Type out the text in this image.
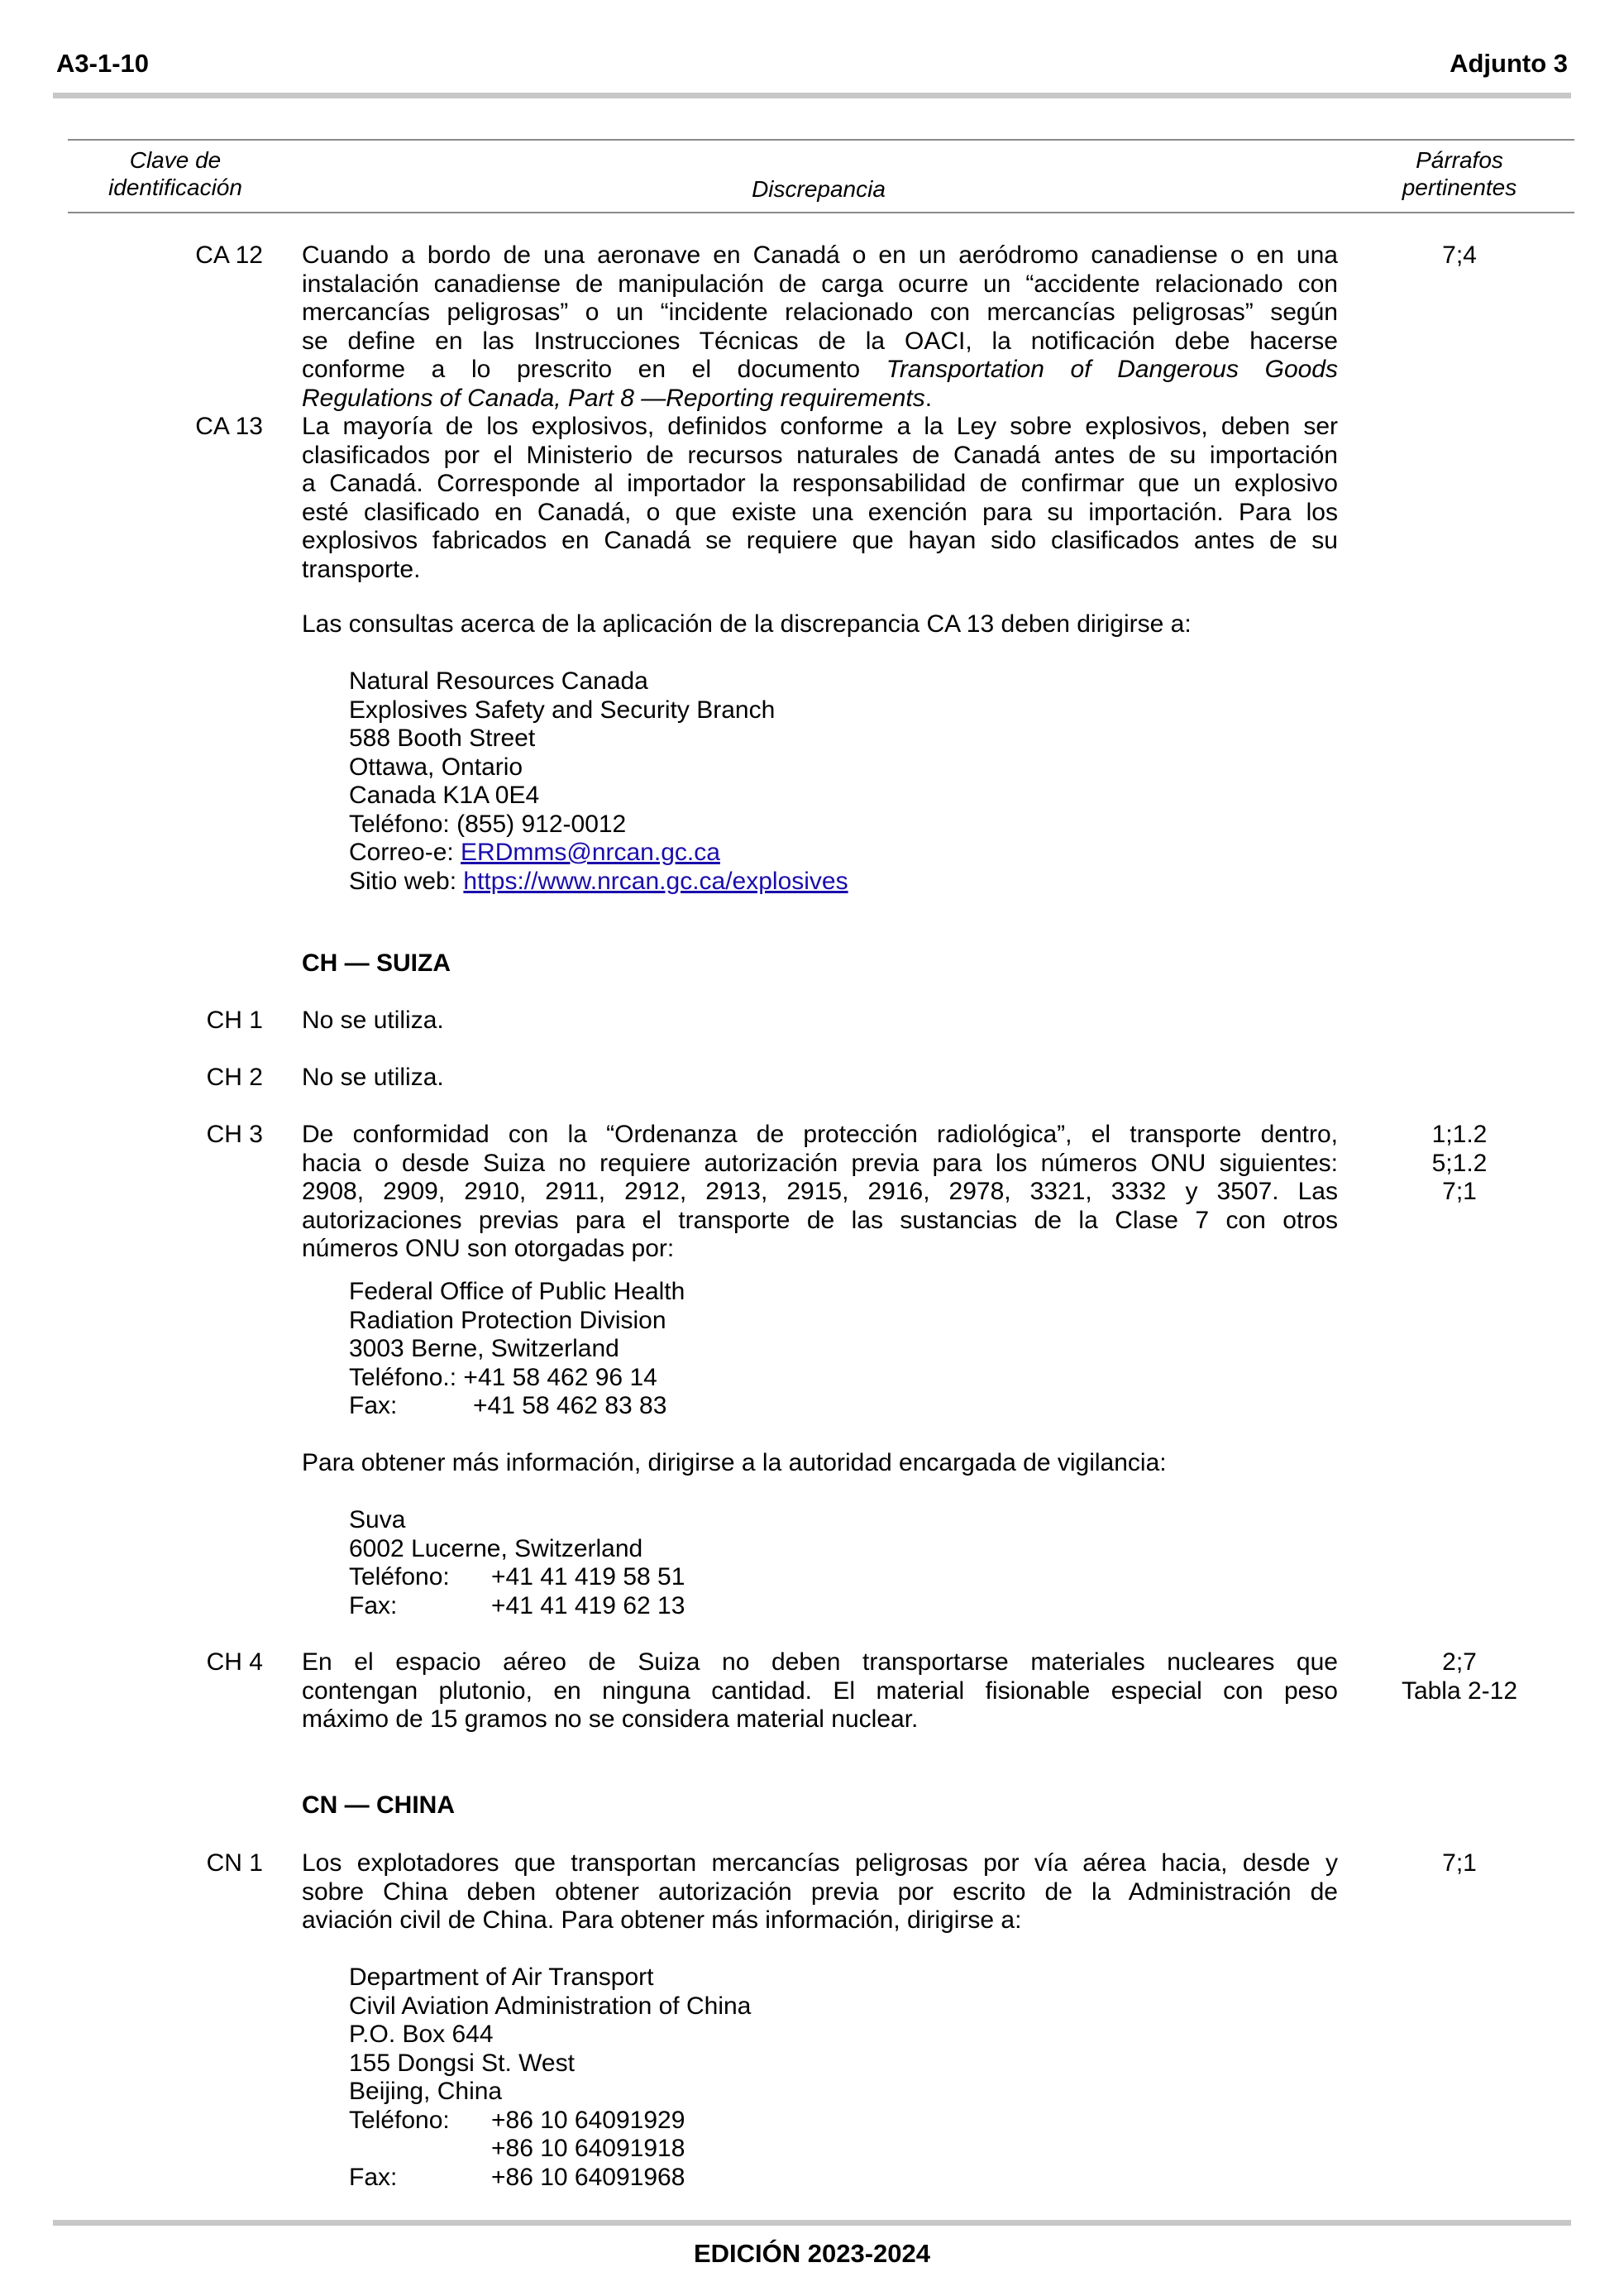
A3-1-10	Adjunto 3
Clave de
identificación	Discrepancia
Párrafos
pertinentes
CA 12 Cuando a bordo de una aeronave en Canadá o en un aeródromo canadiense o en una
instalación canadiense de manipulación de carga ocurre un “accidente relacionado con
mercancías peligrosas” o un “incidente relacionado con mercancías peligrosas” según
se define en las Instrucciones Técnicas de la OACI, la notificación debe hacerse
conforme a lo prescrito en el documento Transportation of Dangerous Goods
Regulations of Canada, Part 8 —Reporting requirements.
7;4
CA 13 La mayoría de los explosivos, definidos conforme a la Ley sobre explosivos, deben ser
clasificados por el Ministerio de recursos naturales de Canadá antes de su importación
a Canadá. Corresponde al importador la responsabilidad de confirmar que un explosivo
esté clasificado en Canadá, o que existe una exención para su importación. Para los
explosivos fabricados en Canadá se requiere que hayan sido clasificados antes de su
transporte.
Las consultas acerca de la aplicación de la discrepancia CA 13 deben dirigirse a:
Natural Resources Canada
Explosives Safety and Security Branch
588 Booth Street
Ottawa, Ontario
Canada K1A 0E4
Teléfono: (855) 912-0012
Correo-e: ERDmms@nrcan.gc.ca
Sitio web: https://www.nrcan.gc.ca/explosives
CH — SUIZA
CH 1 No se utiliza.
CH 2 No se utiliza.
CH 3 De conformidad con la “Ordenanza de protección radiológica”, el transporte dentro,
hacia o desde Suiza no requiere autorización previa para los números ONU siguientes:
2908, 2909, 2910, 2911, 2912, 2913, 2915, 2916, 2978, 3321, 3332 y 3507. Las
autorizaciones previas para el transporte de las sustancias de la Clase 7 con otros
números ONU son otorgadas por:
1;1.2
5;1.2
7;1
Federal Office of Public Health
Radiation Protection Division
3003 Berne, Switzerland
Teléfono.: +41 58 462 96 14
Fax:	+41 58 462 83 83
Para obtener más información, dirigirse a la autoridad encargada de vigilancia:
Suva
6002 Lucerne, Switzerland
Teléfono: +41 41 419 58 51
Fax:	+41 41 419 62 13
CH 4 En el espacio aéreo de Suiza no deben transportarse materiales nucleares que
contengan plutonio, en ninguna cantidad. El material fisionable especial con peso
máximo de 15 gramos no se considera material nuclear.
2;7
Tabla 2-12
CN — CHINA
CN 1 Los explotadores que transportan mercancías peligrosas por vía aérea hacia, desde y
sobre China deben obtener autorización previa por escrito de la Administración de
aviación civil de China. Para obtener más información, dirigirse a:
7;1
Department of Air Transport
Civil Aviation Administration of China
P.O. Box 644
155 Dongsi St. West
Beijing, China
Teléfono: +86 10 64091929
+86 10 64091918
Fax:	+86 10 64091968
EDICIÓN 2023-2024
